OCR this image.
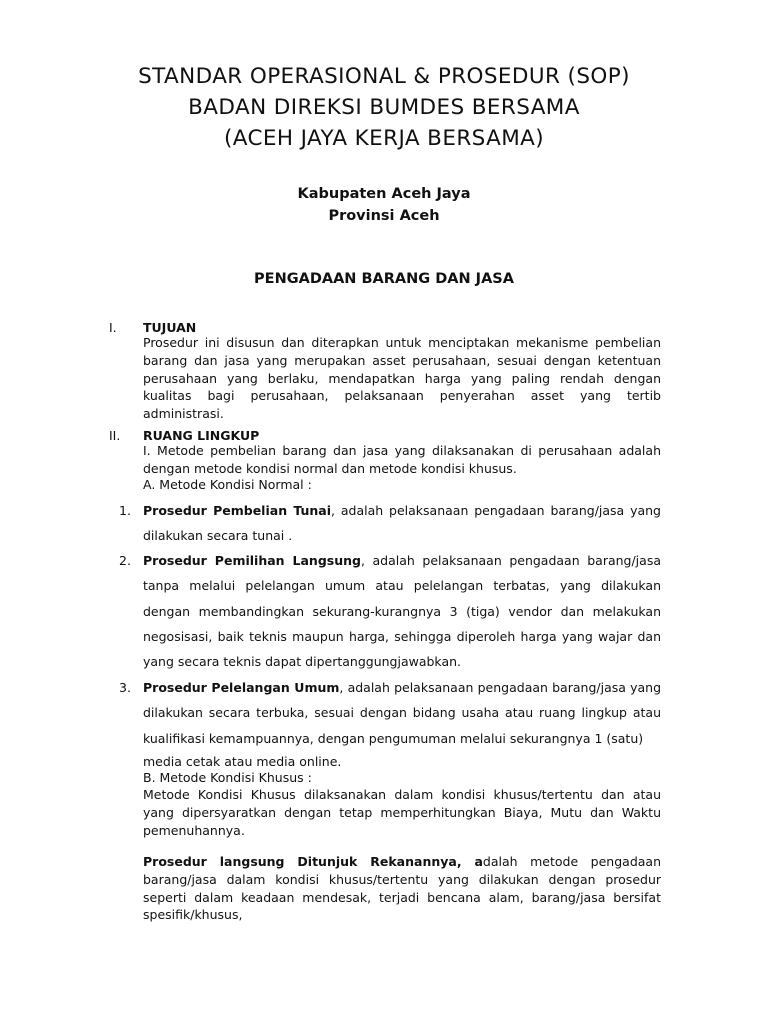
STANDAR OPERASIONAL & PROSEDUR (SOP)
BADAN DIREKSI BUMDES BERSAMA
(ACEH JAYA KERJA BERSAMA)
Kabupaten Aceh Jaya
Provinsi Aceh
PENGADAAN BARANG DAN JASA
I. TUJUAN
Prosedur ini disusun dan diterapkan untuk menciptakan mekanisme pembelian barang dan jasa yang merupakan asset perusahaan, sesuai dengan ketentuan perusahaan yang berlaku, mendapatkan harga yang paling rendah dengan kualitas bagi perusahaan, pelaksanaan penyerahan asset yang tertib administrasi.
II. RUANG LINGKUP
I. Metode pembelian barang dan jasa yang dilaksanakan di perusahaan adalah dengan metode kondisi normal dan metode kondisi khusus.
A. Metode Kondisi Normal :
1. Prosedur Pembelian Tunai, adalah pelaksanaan pengadaan barang/jasa yang dilakukan secara tunai .
2. Prosedur Pemilihan Langsung, adalah pelaksanaan pengadaan barang/jasa tanpa melalui pelelangan umum atau pelelangan terbatas, yang dilakukan dengan membandingkan sekurang-kurangnya 3 (tiga) vendor dan melakukan negosisasi, baik teknis maupun harga, sehingga diperoleh harga yang wajar dan yang secara teknis dapat dipertanggungjawabkan.
3. Prosedur Pelelangan Umum, adalah pelaksanaan pengadaan barang/jasa yang dilakukan secara terbuka, sesuai dengan bidang usaha atau ruang lingkup atau kualifikasi kemampuannya, dengan pengumuman melalui sekurangnya 1 (satu)
media cetak atau media online.
B. Metode Kondisi Khusus :
Metode Kondisi Khusus dilaksanakan dalam kondisi khusus/tertentu dan atau yang dipersyaratkan dengan tetap memperhitungkan Biaya, Mutu dan Waktu pemenuhannya.
Prosedur langsung Ditunjuk Rekanannya, adalah metode pengadaan barang/jasa dalam kondisi khusus/tertentu yang dilakukan dengan prosedur seperti dalam keadaan mendesak, terjadi bencana alam, barang/jasa bersifat spesifik/khusus,
